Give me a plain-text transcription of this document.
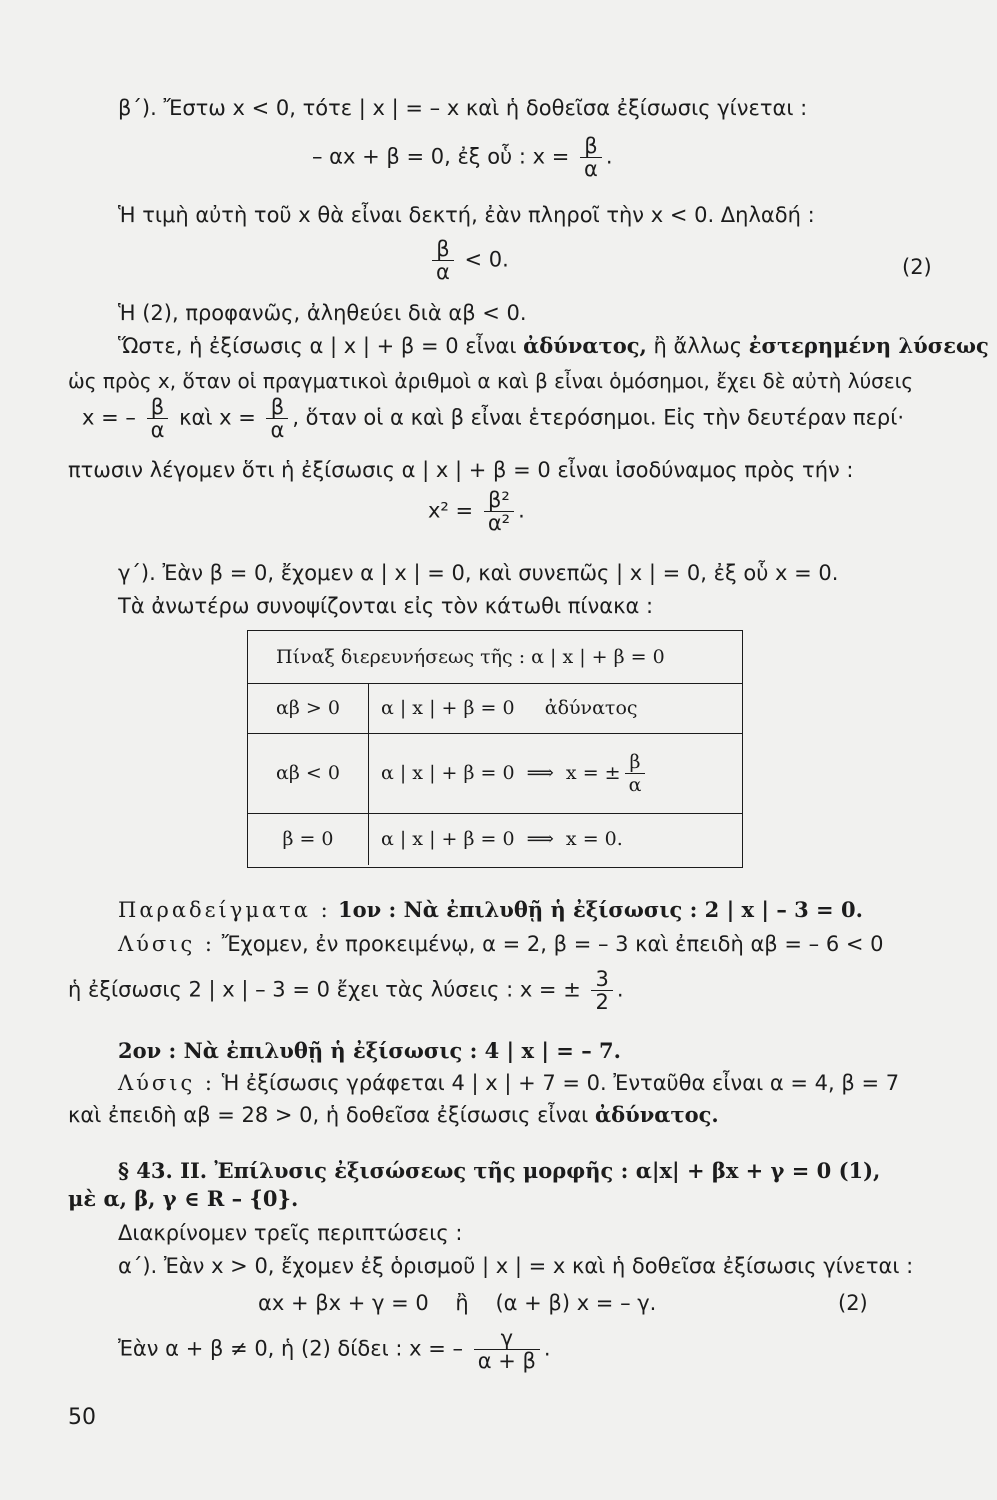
β΄). Ἔστω x < 0, τότε | x | = – x καὶ ἡ δοθεῖσα ἐξίσωσις γίνεται :
– αx + β = 0, ἐξ οὗ : $x = \frac{\beta}{\alpha}$ .
Ἡ τιμὴ αὐτὴ τοῦ x θὰ εἶναι δεκτή, ἐὰν πληροῖ τὴν x < 0. Δηλαδή :
$\frac{\beta}{\alpha} < 0$.	(2)
Ἡ (2), προφανῶς, ἀληθεύει διὰ αβ < 0.
Ὥστε, ἡ ἐξίσωσις α | x | + β = 0 εἶναι ἀδύνατος, ἢ ἄλλως ἐστερημένη λύσεως
ὡς πρὸς x, ὅταν οἱ πραγματικοὶ ἀριθμοὶ α καὶ β εἶναι ὁμόσημοι, ἔχει δὲ αὐτὴ λύσεις
x = – $\frac{\beta}{\alpha}$ καὶ $x = \frac{\beta}{\alpha}$ , ὅταν οἱ α καὶ β εἶναι ἑτερόσημοι. Εἰς τὴν δευτέραν περί·
πτωσιν λέγομεν ὅτι ἡ ἐξίσωσις α | x | + β = 0 εἶναι ἰσοδύναμος πρὸς τήν :
$x^2 = \frac{\text{β²}}{\text{α²}}$ .
γ΄). Ἐὰν β = 0, ἔχομεν α | x | = 0, καὶ συνεπῶς | x | = 0, ἐξ οὗ x = 0.
Τὰ ἀνωτέρω συνοψίζονται εἰς τὸν κάτωθι πίνακα :
Πίναξ διερευνήσεως τῆς : α | x | + β = 0
αβ > 0	α | x | + β = 0     ἀδύνατος
αβ < 0	α | x | + β = 0  ⟹  x = ± $\frac{\beta}{\alpha}$
β = 0	α | x | + β = 0  ⟹  x = 0.
Παραδείγματα : 1ον : Νὰ ἐπιλυθῇ ἡ ἐξίσωσις : 2 | x | – 3 = 0.
Λύσις : Ἔχομεν, ἐν προκειμένῳ, α = 2, β = – 3 καὶ ἐπειδὴ αβ = – 6 < 0
ἡ ἐξίσωσις 2 | x | – 3 = 0 ἔχει τὰς λύσεις : x = ± $\frac{3}{2}$ .
2ον : Νὰ ἐπιλυθῇ ἡ ἐξίσωσις : 4 | x | = – 7.
Λύσις : Ἡ ἐξίσωσις γράφεται 4 | x | + 7 = 0. Ἐνταῦθα εἶναι α = 4, β = 7
καὶ ἐπειδὴ αβ = 28 > 0, ἡ δοθεῖσα ἐξίσωσις εἶναι ἀδύνατος.
§ 43. II. Ἐπίλυσις ἐξισώσεως τῆς μορφῆς : α|x| + βx + γ = 0 (1),
μὲ α, β, γ ∈ R – {0}.
Διακρίνομεν τρεῖς περιπτώσεις :
α΄). Ἐὰν x > 0, ἔχομεν ἐξ ὁρισμοῦ | x | = x καὶ ἡ δοθεῖσα ἐξίσωσις γίνεται :
αx + βx + γ = 0    ἢ    (α + β) x = – γ.	(2)
Ἐὰν α + β ≠ 0, ἡ (2) δίδει : x = – $\frac{\gamma}{\alpha + \beta}$ .
50
